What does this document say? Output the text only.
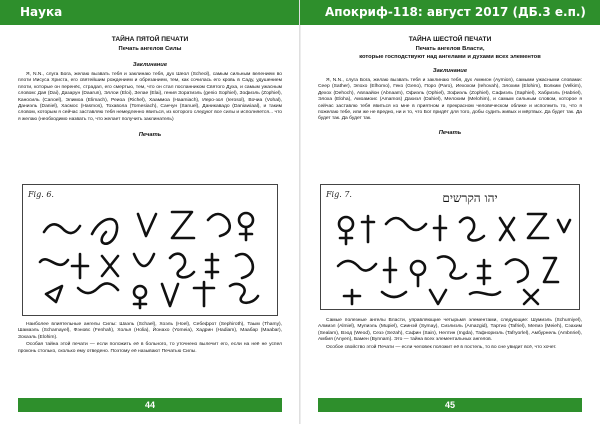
Наука
ТАЙНА ПЯТОЙ ПЕЧАТИ
Печать ангелов Силы
Заклинание

Я, N.N., слуга Бога, желаю вызвать тебя и заклинаю тебя, дух Шеол (Scheol), самым сильным велением во плоти Иисуса Христа, его святейшим рождением и обрезанием, тем, как сочилась его кровь в Саду, удушением плоти, которые он перенёс, страдал, его смертью, тем, что он стал посланником Святого Духа, и самым ужасным словом: Дая (Dai), Дазарун (Daarun), Эллои (Eloi), Зелае (Elai), гения Зоратиэль (genio Sophiel), Зофиэль (Zophiel), Каносиль (Canoel), Элимоа (Elimach), Реиоа (Richel), Хааммоа (Haamiach), Иеро-зол (Ierosol), Вочиа (Vohal), Даниэль (Daniel), Хасмос (Hasmos), Тохавола (Tomesiach), Санчун (Sanuel), Даникавадо (Daniawiaal), и таким словом, которым я сейчас заставляю тебя немедленно явиться, из которого следуют все силы и исполняется... что я желаю (необходимо назвать то, что желает получить заклинатель)

Печать
Fig. 6.

Наиболее влиятельные ангелы Силы: Шаэль (Schael), Хоэль (Hoel), Себефрот (Sephiroth), Таым (Thamy), Шамаэль (Schamayel), Фэновс (Fenhah), Холья (Holia), Йонахо (Yomeia), Хадрин (Hadiam), Маабар (Maabar), Зохаэль (Elohim).

Особая тайна этой печати — если положить её в больного, то уточнено вылечит его, если на неё не успел проконь столько, сколько ему отведено. Поэтому её называют Печатью Силы.

44
Апокриф-118: август 2017 (ДБ.3 е.п.)
ТАЙНА ШЕСТОЙ ПЕЧАТИ
Печать ангелов Власти,
которые господствуют над ангелами и духами всех элементов
Заклинание

Я, N.N., слуга Бога, желаю вызвать тебя и заклинаю тебя, дух Амнион (Aymion), самыми ужасными словами: Сеер (Sather), Элохо (Elhomo), Геко (Geno), Поро (Paro), Иехохом (Iehovah), Элохим (Elohim), Волким (Velkim), Дехох (Dehoch), Авлаайон (Abnaam), Офиэль (Ophiel), Зофиэль (Zophiel), Сафиэль (Saphiel), Хабриэль (Habriel), Элоха (Eloha), Амоамоис (Amamos) Дахиэл (Dahiel), Мелохим (Melohim), и самым сильным словом, которое я сейчас заставлю тебя явиться ко мне в приятном и прекрасном человеческом облике и исполнить то, что я пожелаю тебе, или же не вредно, ни и то, что Бог придёт для того, добы судить живых и мёртвых. Да будет так. Да будет так. Да будет так.

Печать
Fig. 7.	יהו הקרשים

Самые полезные ангелы Власти, управляющие четырьмя элементами, следующие: Шумиэль (Schumiyel), Алмиэл (Almiel), Мупиэль (Mupiel), Сиинэй (Symay), Сиэлиэль (Amazgid), Тартио (Tafriel), Мепиэ (Meieh), Сэахим (Sealam), Вэод (Weod), Сезэ (Sezah), Сафин (Sain), Нелтин (Ingda), Тафнориэль (Tafryorlel), Амбурнель (Ambnriel), Амбия (Anyen), Бамен (Bynnam). Это — тайна всех элементальных ангелов.

Особое свойство этой Печати — если человек положит её в постель, то во сне увидит всё, что хочет.

45
